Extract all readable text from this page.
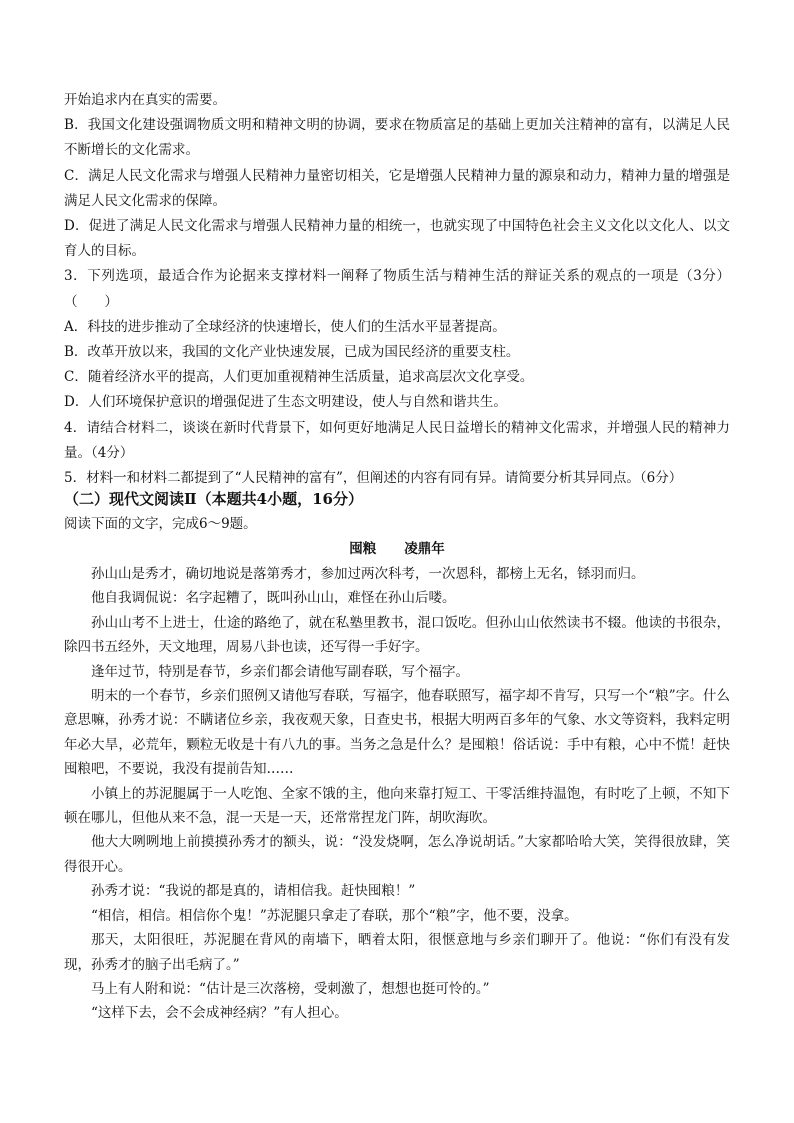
开始追求内在真实的需要。

B．我国文化建设强调物质文明和精神文明的协调，要求在物质富足的基础上更加关注精神的富有，以满足人民不断增长的文化需求。

C．满足人民文化需求与增强人民精神力量密切相关，它是增强人民精神力量的源泉和动力，精神力量的增强是满足人民文化需求的保障。

D．促进了满足人民文化需求与增强人民精神力量的相统一，也就实现了中国特色社会主义文化以文化人、以文育人的目标。

3．下列选项，最适合作为论据来支撑材料一阐释了物质生活与精神生活的辩证关系的观点的一项是（3分）（　　）

A．科技的进步推动了全球经济的快速增长，使人们的生活水平显著提高。

B．改革开放以来，我国的文化产业快速发展，已成为国民经济的重要支柱。

C．随着经济水平的提高，人们更加重视精神生活质量，追求高层次文化享受。

D．人们环境保护意识的增强促进了生态文明建设，使人与自然和谐共生。

4．请结合材料二，谈谈在新时代背景下，如何更好地满足人民日益增长的精神文化需求，并增强人民的精神力量。（4分）

5．材料一和材料二都提到了“人民精神的富有”，但阐述的内容有同有异。请简要分析其异同点。（6分）

（二）现代文阅读Ⅱ（本题共4小题，16分）
阅读下面的文字，完成6～9题。
囤粮 凌鼎年

孙山山是秀才，确切地说是落第秀才，参加过两次科考，一次恩科，都榜上无名，铩羽而归。

他自我调侃说：名字起糟了，既叫孙山山，难怪在孙山后喽。

孙山山考不上进士，仕途的路绝了，就在私塾里教书，混口饭吃。但孙山山依然读书不辍。他读的书很杂，除四书五经外，天文地理，周易八卦也读，还写得一手好字。

逢年过节，特别是春节，乡亲们都会请他写副春联，写个福字。

明末的一个春节，乡亲们照例又请他写春联，写福字，他春联照写，福字却不肯写，只写一个“粮”字。什么意思嘛，孙秀才说：不瞒诸位乡亲，我夜观天象，日查史书，根据大明两百多年的气象、水文等资料，我料定明年必大旱，必荒年，颗粒无收是十有八九的事。当务之急是什么？是囤粮！俗话说：手中有粮，心中不慌！赶快囤粮吧，不要说，我没有提前告知……

小镇上的苏泥腿属于一人吃饱、全家不饿的主，他向来靠打短工、干零活维持温饱，有时吃了上顿，不知下顿在哪儿，但他从来不急，混一天是一天，还常常捏龙门阵，胡吹海吹。

他大大咧咧地上前摸摸孙秀才的额头，说：“没发烧啊，怎么净说胡话。”大家都哈哈大笑，笑得很放肆，笑得很开心。

孙秀才说：“我说的都是真的，请相信我。赶快囤粮！”

“相信，相信。相信你个鬼！”苏泥腿只拿走了春联，那个“粮”字，他不要，没拿。

那天，太阳很旺，苏泥腿在背风的南墙下，晒着太阳，很惬意地与乡亲们聊开了。他说：“你们有没有发现，孙秀才的脑子出毛病了。”

马上有人附和说：“估计是三次落榜，受刺激了，想想也挺可怜的。”

“这样下去，会不会成神经病？”有人担心。
